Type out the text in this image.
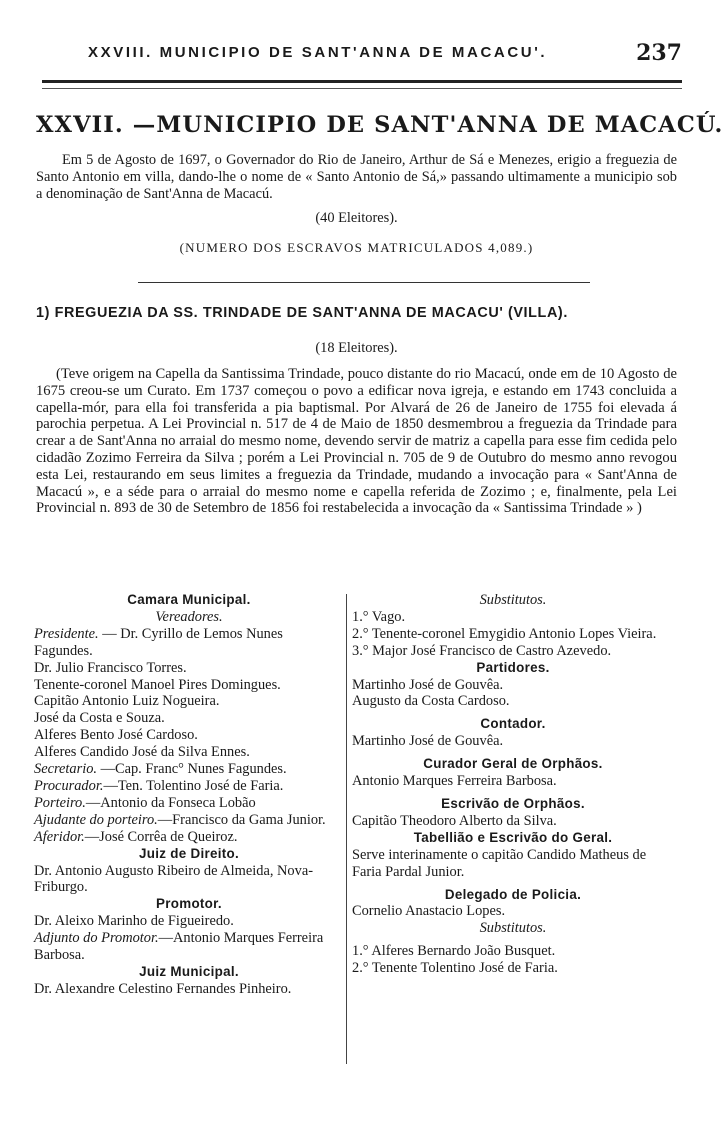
XXVIII. MUNICIPIO DE SANT'ANNA DE MACACU'.	237
XXVII. —MUNICIPIO DE SANT'ANNA DE MACACÚ.
Em 5 de Agosto de 1697, o Governador do Rio de Janeiro, Arthur de Sá e Menezes, erigio a freguezia de Santo Antonio em villa, dando-lhe o nome de « Santo Antonio de Sá,» passando ultimamente a municipio sob a denominação de Sant'Anna de Macacú.
(40 Eleitores).
(NUMERO DOS ESCRAVOS MATRICULADOS 4,089.)
1) FREGUEZIA DA SS. TRINDADE DE SANT'ANNA DE MACACU' (VILLA).
(18 Eleitores).
(Teve origem na Capella da Santissima Trindade, pouco distante do rio Macacú, onde em de 10 Agosto de 1675 creou-se um Curato. Em 1737 começou o povo a edificar nova igreja, e estando em 1743 concluida a capella-mór, para ella foi transferida a pia baptismal. Por Alvará de 26 de Janeiro de 1755 foi elevada á parochia perpetua. A Lei Provincial n. 517 de 4 de Maio de 1850 desmembrou a freguezia da Trindade para crear a de Sant'Anna no arraial do mesmo nome, devendo servir de matriz a capella para esse fim cedida pelo cidadão Zozimo Ferreira da Silva ; porém a Lei Provincial n. 705 de 9 de Outubro do mesmo anno revogou esta Lei, restaurando em seus limites a freguezia da Trindade, mudando a invocação para « Sant'Anna de Macacú », e a séde para o arraial do mesmo nome e capella referida de Zozimo ; e, finalmente, pela Lei Provincial n. 893 de 30 de Setembro de 1856 foi restabelecida a invocação da « Santissima Trindade » )
Camara Municipal.
Vereadores.
Presidente. — Dr. Cyrillo de Lemos Nunes Fagundes.
Dr. Julio Francisco Torres.
Tenente-coronel Manoel Pires Domingues.
Capitão Antonio Luiz Nogueira.
José da Costa e Souza.
Alferes Bento José Cardoso.
Alferes Candido José da Silva Ennes.
Secretario. —Cap. Franc° Nunes Fagundes.
Procurador.—Ten. Tolentino José de Faria.
Porteiro.—Antonio da Fonseca Lobão
Ajudante do porteiro.—Francisco da Gama Junior.
Aferidor.—José Corrêa de Queiroz.
Juiz de Direito.
Dr. Antonio Augusto Ribeiro de Almeida, Nova-Friburgo.
Promotor.
Dr. Aleixo Marinho de Figueiredo.
Adjunto do Promotor.—Antonio Marques Ferreira Barbosa.
Juiz Municipal.
Dr. Alexandre Celestino Fernandes Pinheiro.
Substitutos.
1.° Vago.
2.° Tenente-coronel Emygidio Antonio Lopes Vieira.
3.° Major José Francisco de Castro Azevedo.
Partidores.
Martinho José de Gouvêa.
Augusto da Costa Cardoso.
Contador.
Martinho José de Gouvêa.
Curador Geral de Orphãos.
Antonio Marques Ferreira Barbosa.
Escrivão de Orphãos.
Capitão Theodoro Alberto da Silva.
Tabellião e Escrivão do Geral.
Serve interinamente o capitão Candido Matheus de Faria Pardal Junior.
Delegado de Policia.
Cornelio Anastacio Lopes.
Substitutos.
1.° Alferes Bernardo João Busquet.
2.° Tenente Tolentino José de Faria.
